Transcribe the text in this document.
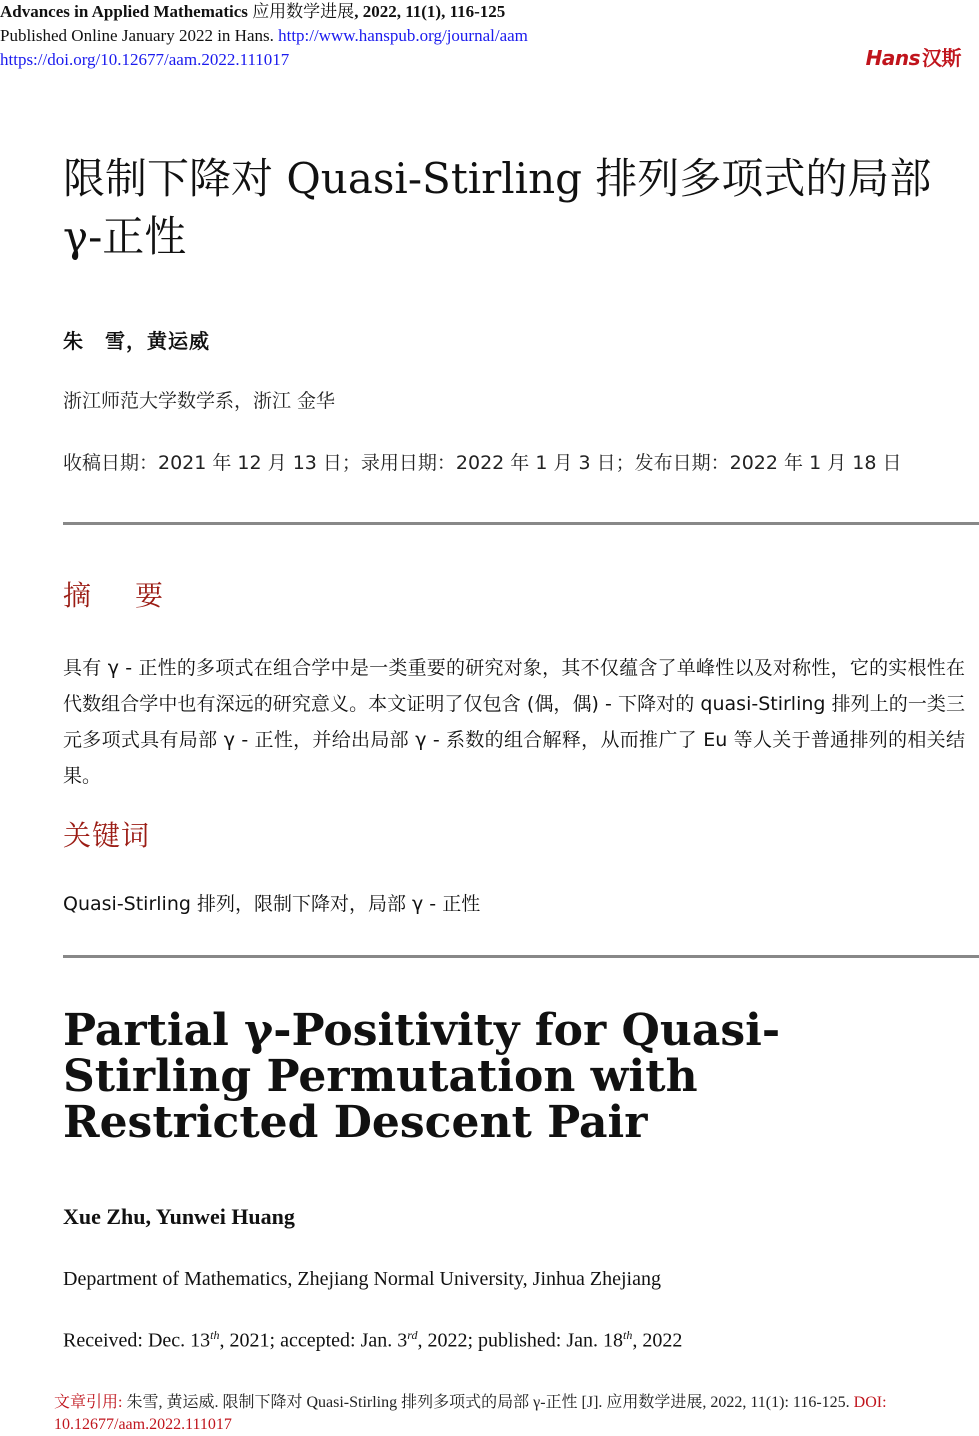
Advances in Applied Mathematics 应用数学进展, 2022, 11(1), 116-125
Published Online January 2022 in Hans. http://www.hanspub.org/journal/aam
https://doi.org/10.12677/aam.2022.111017	Hans 汉斯
限制下降对 Quasi-Stirling 排列多项式的局部 γ-正性
朱　雪，黄运威
浙江师范大学数学系，浙江 金华
收稿日期：2021 年 12 月 13 日；录用日期：2022 年 1 月 3 日；发布日期：2022 年 1 月 18 日
摘　要
具有 γ - 正性的多项式在组合学中是一类重要的研究对象，其不仅蕴含了单峰性以及对称性，它的实根性在代数组合学中也有深远的研究意义。本文证明了仅包含 (偶，偶) - 下降对的 quasi-Stirling 排列上的一类三元多项式具有局部 γ - 正性，并给出局部 γ - 系数的组合解释，从而推广了 Eu 等人关于普通排列的相关结果。
关键词
Quasi-Stirling 排列，限制下降对，局部 γ - 正性
Partial γ-Positivity for Quasi-Stirling Permutation with Restricted Descent Pair
Xue Zhu, Yunwei Huang
Department of Mathematics, Zhejiang Normal University, Jinhua Zhejiang
Received: Dec. 13th, 2021; accepted: Jan. 3rd, 2022; published: Jan. 18th, 2022
文章引用: 朱雪, 黄运威. 限制下降对 Quasi-Stirling 排列多项式的局部 γ-正性 [J]. 应用数学进展, 2022, 11(1): 116-125. DOI: 10.12677/aam.2022.111017
